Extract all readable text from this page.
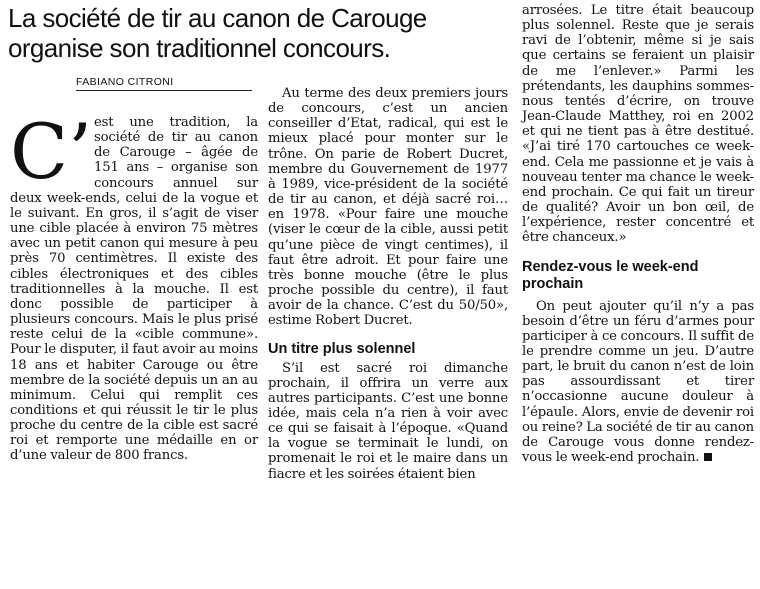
La société de tir au canon de Carouge organise son traditionnel concours.
FABIANO CITRONI

C’ est une tradition, la société de tir au canon de Carouge – âgée de 151 ans – organise son concours annuel sur deux week-ends, celui de la vogue et le suivant. En gros, il s’agit de viser une cible placée à environ 75 mètres avec un petit canon qui mesure à peu près 70 centimètres. Il existe des cibles électroniques et des cibles traditionnelles à la mouche. Il est donc possible de participer à plusieurs concours. Mais le plus prisé reste celui de la «cible commune». Pour le disputer, il faut avoir au moins 18 ans et habiter Carouge ou être membre de la société depuis un an au minimum. Celui qui remplit ces conditions et qui réussit le tir le plus proche du centre de la cible est sacré roi et remporte une médaille en or d’une valeur de 800 francs.

Au terme des deux premiers jours de concours, c’est un ancien conseiller d’Etat, radical, qui est le mieux placé pour monter sur le trône. On parie de Robert Ducret, membre du Gouvernement de 1977 à 1989, vice-président de la société de tir au canon, et déjà sacré roi… en 1978. «Pour faire une mouche (viser le cœur de la cible, aussi petit qu’une pièce de vingt centimes), il faut être adroit. Et pour faire une très bonne mouche (être le plus proche possible du centre), il faut avoir de la chance. C’est du 50/50», estime Robert Ducret.

Un titre plus solennel

S’il est sacré roi dimanche prochain, il offrira un verre aux autres participants. C’est une bonne idée, mais cela n’a rien à voir avec ce qui se faisait à l’époque. «Quand la vogue se terminait le lundi, on promenait le roi et le maire dans un fiacre et les soirées étaient bien

arrosées. Le titre était beaucoup plus solennel. Reste que je serais ravi de l’obtenir, même si je sais que certains se feraient un plaisir de me l’enlever.» Parmi les prétendants, les dauphins sommes-nous tentés d’écrire, on trouve Jean-Claude Matthey, roi en 2002 et qui ne tient pas à être destitué. «J’ai tiré 170 cartouches ce week-end. Cela me passionne et je vais à nouveau tenter ma chance le week-end prochain. Ce qui fait un tireur de qualité? Avoir un bon œil, de l’expérience, rester concentré et être chanceux.»

Rendez-vous le week-end prochain

On peut ajouter qu’il n’y a pas besoin d’être un féru d’armes pour participer à ce concours. Il suffit de le prendre comme un jeu. D’autre part, le bruit du canon n’est de loin pas assourdissant et tirer n’occasionne aucune douleur à l’épaule. Alors, envie de devenir roi ou reine? La société de tir au canon de Carouge vous donne rendez-vous le week-end prochain.
